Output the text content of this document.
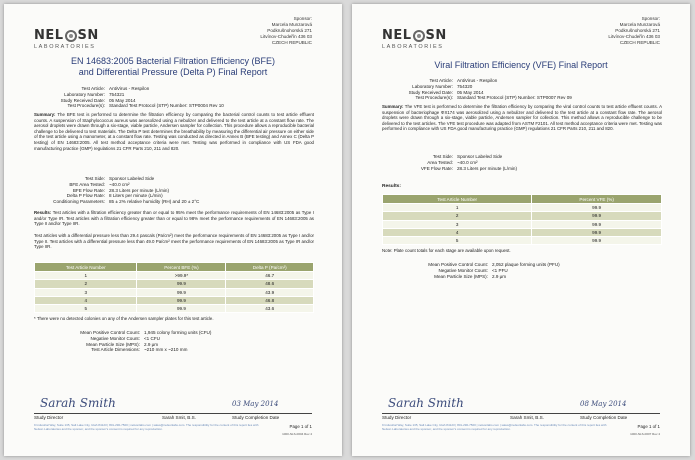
NEL SN
LABORATORIES
Sponsor:
Marcela Munzarová
Podkrušnohorská 271
Litvínov-Chudeřín 436 03
CZECH REPUBLIC
EN 14683:2005 Bacterial Filtration Efficiency (BFE)
and Differential Pressure (Delta P) Final Report
Test Article: AntiVirus - Respilon
Laboratory Number: 754321
Study Received Date: 05 May 2014
Test Procedure(s): Standard Test Protocol (STP) Number: STP0004 Rev 10
Summary: The BFE test is performed to determine the filtration efficiency by comparing the bacterial control counts to test article effluent counts. A suspension of Staphylococcus aureus was aerosolized using a nebulizer and delivered to the test article at a constant flow rate. The aerosol droplets were drawn through a six-stage, viable particle, Andersen sampler for collection. This procedure allows a reproducible bacterial challenge to be delivered to test materials. The Delta P test determines the breathability by measuring the differential air pressure on either side of the test article using a manometer, at a constant flow rate. Testing was conducted as directed in Annex B (BFE testing) and Annex C (Delta P testing) of EN 14683:2005. All test method acceptance criteria were met. Testing was performed in compliance with US FDA good manufacturing practice (GMP) regulations 21 CFR Parts 210, 211 and 820.
Test Side: Sponsor Labeled Side
BFE Area Tested: ~40.0 cm²
BFE Flow Rate: 28.3 Liters per minute (L/min)
Delta P Flow Rate: 8 Liters per minute (L/min)
Conditioning Parameters: 85 ± 2% relative humidity (RH) and 20 ± 2°C
Results: Test articles with a filtration efficiency greater than or equal to 95% meet the performance requirements of EN 14683:2005 as Type I and/or Type IR. Test articles with a filtration efficiency greater than or equal to 98% meet the performance requirements of EN 14683:2005 as Type II and/or Type IIR.
Test articles with a differential pressure less than 29.4 pascals (Pa/cm²) meet the performance requirements of EN 14683:2005 as Type I and/or Type II. Test articles with a differential pressure less than 49.0 Pa/cm² meet the performance requirements of EN 14683:2005 as Type IR and/or Type IIR.
Test Article Number	Percent BFE (%)	Delta P (Pa/cm²)
1	>99.9*	46.7
2	99.9	48.6
3	99.9	43.9
4	99.9	46.8
5	99.9	43.6
* There were no detected colonies on any of the Andersen sampler plates for this test article.
Mean Positive Control Count: 1,945 colony forming units (CFU)
Negative Monitor Count: <1 CFU
Mean Particle Size (MPS): 2.9 μm
Test Article Dimensions: ~210 mm x ~210 mm
Sarah Smith	03 May 2014
Study Director	Sarah Smit, B.S.	Study Completion Date
9 Industrial Way, Suite 135, Salt Lake City, Utah 84123 | 801-290-7500 | nelsonlabs.com | sales@nelsonlabs.com. The responsibility for the content of this report lies with Nelson Laboratories and the sponsor, and the sponsor's consent is required for any reproduction.	Page 1 of 1
1000-NLS-0004 Rev 4
NEL SN
LABORATORIES
Sponsor:
Marcela Munzarová
Podkrušnohorská 271
Litvínov-Chudeřín 436 03
CZECH REPUBLIC
Viral Filtration Efficiency (VFE) Final Report
Test Article: AntiVirus - Respilon
Laboratory Number: 754320
Study Received Date: 05 May 2014
Test Procedure(s): Standard Test Protocol (STP) Number: STP0007 Rev 09
Summary: The VFE test is performed to determine the filtration efficiency by comparing the viral control counts to test article effluent counts. A suspension of bacteriophage ΦX174 was aerosolized using a nebulizer and delivered to the test article at a constant flow rate. The aerosol droplets were drawn through a six-stage, viable particle, Andersen sampler for collection. This method allows a reproducible challenge to be delivered to the test articles. The VFE test procedure was adapted from ASTM F2101. All test method acceptance criteria were met. Testing was performed in compliance with US FDA good manufacturing practice (GMP) regulations 21 CFR Parts 210, 211 and 820.
Test Side: Sponsor Labeled Side
Area Tested: ~40.0 cm²
VFE Flow Rate: 28.3 Liters per minute (L/min)
Results:
Test Article Number	Percent VFE (%)
1	99.9
2	99.9
3	99.9
4	99.9
5	99.9
Note: Plate count totals for each stage are available upon request.
Mean Positive Control Count: 2,052 plaque forming units (PFU)
Negative Monitor Count: <1 PFU
Mean Particle Size (MPS): 2.9 μm
Sarah Smith	08 May 2014
Study Director	Sarah Smit, B.S.	Study Completion Date
9 Industrial Way, Suite 135, Salt Lake City, Utah 84123 | 801-290-7500 | nelsonlabs.com | sales@nelsonlabs.com. The responsibility for the content of this report lies with Nelson Laboratories and the sponsor, and the sponsor's consent is required for any reproduction.	Page 1 of 1
1000-NLS-0007 Rev 4
